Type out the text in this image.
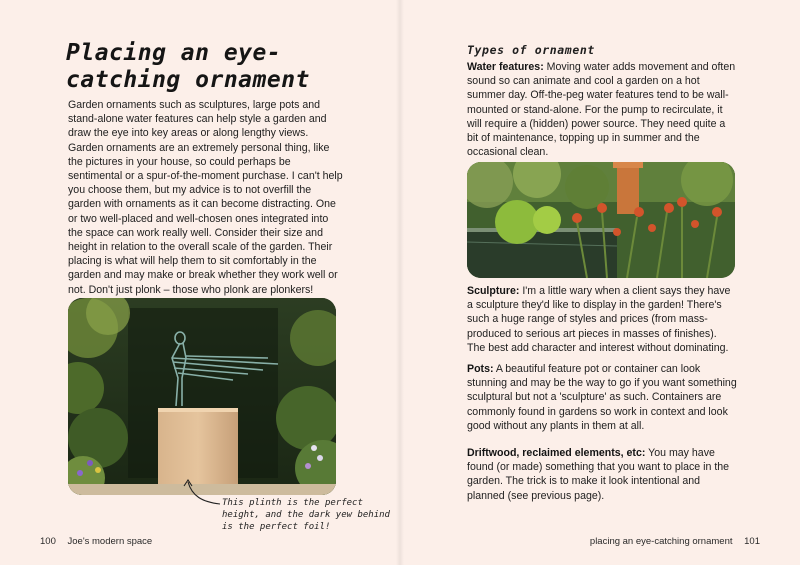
Placing an eye-catching ornament

Garden ornaments such as sculptures, large pots and stand-alone water features can help style a garden and draw the eye into key areas or along lengthy views. Garden ornaments are an extremely personal thing, like the pictures in your house, so could perhaps be sentimental or a spur-of-the-moment purchase. I can't help you choose them, but my advice is to not overfill the garden with ornaments as it can become distracting. One or two well-placed and well-chosen ones integrated into the space can work really well. Consider their size and height in relation to the overall scale of the garden. Their placing is what will help them to sit comfortably in the garden and may make or break whether they work well or not. Don't just plonk – those who plonk are plonkers!

This plinth is the perfect height, and the dark yew behind is the perfect foil!

100 Joe's modern space
Types of ornament

Water features: Moving water adds movement and often sound so can animate and cool a garden on a hot summer day. Off-the-peg water features tend to be wall-mounted or stand-alone. For the pump to recirculate, it will require a (hidden) power source. They need quite a bit of maintenance, topping up in summer and the occasional clean.

Sculpture: I'm a little wary when a client says they have a sculpture they'd like to display in the garden! There's such a huge range of styles and prices (from mass-produced to serious art pieces in masses of finishes). The best add character and interest without dominating.

Pots: A beautiful feature pot or container can look stunning and may be the way to go if you want something sculptural but not a 'sculpture' as such. Containers are commonly found in gardens so work in context and look good without any plants in them at all.

Driftwood, reclaimed elements, etc: You may have found (or made) something that you want to place in the garden. The trick is to make it look intentional and planned (see previous page).

placing an eye-catching ornament 101
